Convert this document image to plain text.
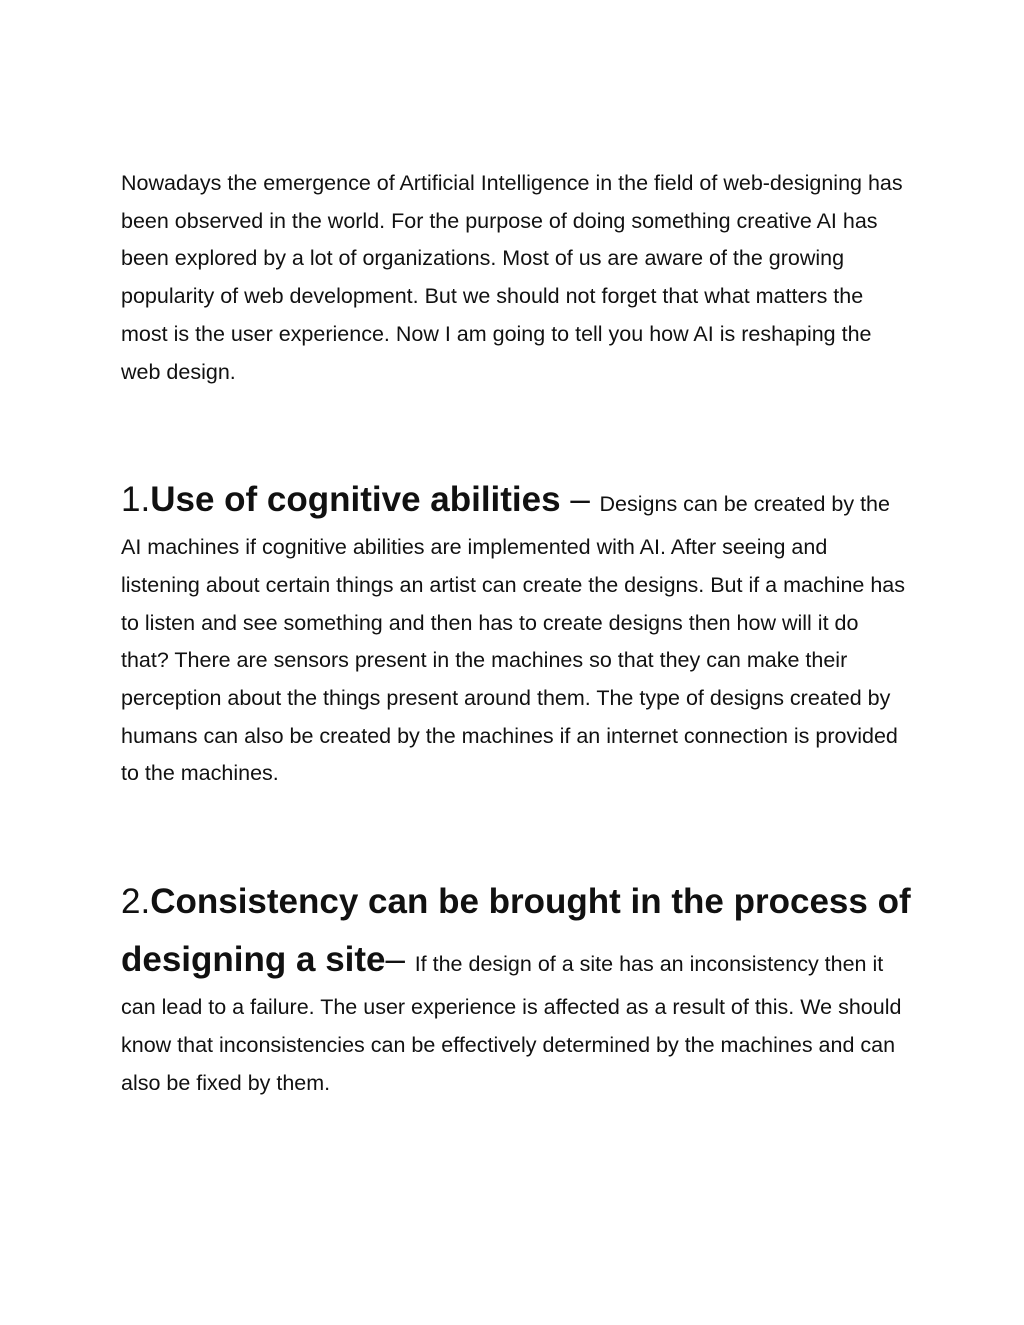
Nowadays the emergence of Artificial Intelligence in the field of web-designing has been observed in the world. For the purpose of doing something creative AI has been explored by a lot of organizations. Most of us are aware of the growing popularity of web development. But we should not forget that what matters the most is the user experience. Now I am going to tell you how AI is reshaping the web design.

1.Use of cognitive abilities – Designs can be created by the AI machines if cognitive abilities are implemented with AI. After seeing and listening about certain things an artist can create the designs. But if a machine has to listen and see something and then has to create designs then how will it do that? There are sensors present in the machines so that they can make their perception about the things present around them. The type of designs created by humans can also be created by the machines if an internet connection is provided to the machines.
2.Consistency can be brought in the process of designing a site– If the design of a site has an inconsistency then it can lead to a failure. The user experience is affected as a result of this. We should know that inconsistencies can be effectively determined by the machines and can also be fixed by them.
